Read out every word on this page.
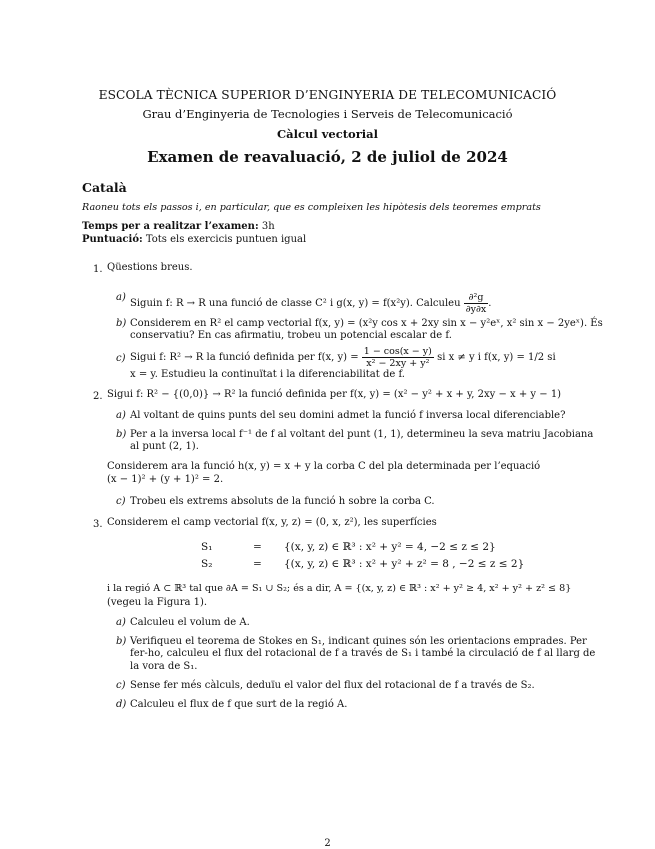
ESCOLA TÈCNICA SUPERIOR D’ENGINYERIA DE TELECOMUNICACIÓ
Grau d’Enginyeria de Tecnologies i Serveis de Telecomunicació
Càlcul vectorial
Examen de reavaluació, 2 de juliol de 2024
Català
Raoneu tots els passos i, en particular, que es compleixen les hipòtesis dels teoremes emprats
Temps per a realitzar l’examen: 3h
Puntuació: Tots els exercicis puntuen igual
1. Qüestions breus.
a)
Siguin f: R → R una funció de classe C² i g(x, y) = f(x²y). Calculeu $\frac{\text{∂²g}}{\partial y\partial x}$ .
b) Considerem en R² el camp vectorial f(x, y) = (x²y cos x + 2xy sin x − y²eˣ, x² sin x − 2yeˣ). És
conservatiu? En cas afirmatiu, trobeu un potencial escalar de f.
c) Sigui f: R² → R la funció definida per f(x, $y) = \frac{1 - \cos(x - y)}{\text{x² − 2xy + y²}}$ si x ≠ y i f(x, y) = 1/2 si
x = y. Estudieu la continuïtat i la diferenciabilitat de f.
2. Sigui f: R² − {(0,0)} → R² la funció definida per f(x, y) = (x² − y² + x + y, 2xy − x + y − 1)
a) Al voltant de quins punts del seu domini admet la funció f inversa local diferenciable?
b) Per a la inversa local f⁻¹ de f al voltant del punt (1, 1), determineu la seva matriu Jacobiana
al punt (2, 1).
Considerem ara la funció h(x, y) = x + y la corba C del pla determinada per l’equació
(x − 1)² + (y + 1)² = 2.
c) Trobeu els extrems absoluts de la funció h sobre la corba C.
3. Considerem el camp vectorial f(x, y, z) = (0, x, z²), les superfícies
S₁	= {(x, y, z) ∈ ℝ³ : x² + y² = 4, −2 ≤ z ≤ 2}
S₂	= {(x, y, z) ∈ ℝ³ : x² + y² + z² = 8 , −2 ≤ z ≤ 2}
i la regió A ⊂ ℝ³ tal que ∂A = S₁ ∪ S₂; és a dir, A = {(x, y, z) ∈ ℝ³ : x² + y² ≥ 4, x² + y² + z² ≤ 8}
(vegeu la Figura 1).
a) Calculeu el volum de A.
b) Verifiqueu el teorema de Stokes en S₁, indicant quines són les orientacions emprades. Per
fer-ho, calculeu el flux del rotacional de f a través de S₁ i també la circulació de f al llarg de
la vora de S₁.
c) Sense fer més càlculs, deduïu el valor del flux del rotacional de f a través de S₂.
d) Calculeu el flux de f que surt de la regió A.
2
